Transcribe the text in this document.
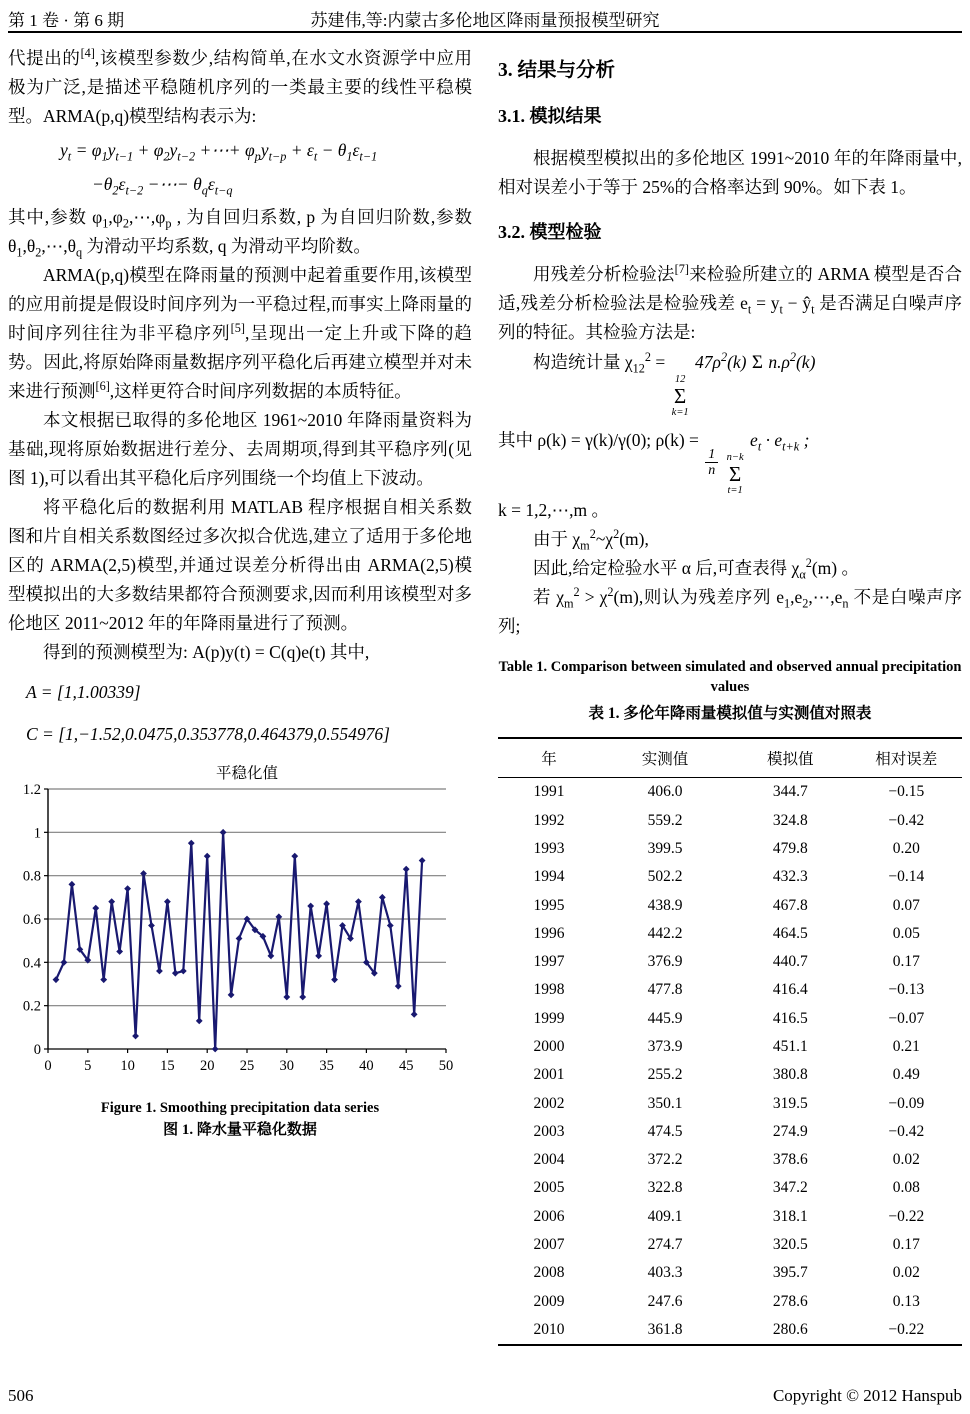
第 1 卷 · 第 6 期	苏建伟,等:内蒙古多伦地区降雨量预报模型研究

代提出的[4],该模型参数少,结构简单,在水文水资源学中应用极为广泛,是描述平稳随机序列的一类最主要的线性平稳模型。ARMA(p,q)模型结构表示为:

$y_t = \varphi_1y_{t-1} + \varphi_2y_{t-2}$ +⋯+ $\varphi_py_{t-p} + \varepsilon_t - \theta_1\varepsilon_{t-1}$
$-\theta_2\varepsilon_{t-2}$ −⋯− $\theta_q\varepsilon_{t-q}$

其中,参数 $\varphi_1,\varphi_2,\cdots,\varphi_p$ , 为自回归系数, p 为自回归阶数,参数 $\theta_1,\theta_2,\cdots,\theta_q$ 为滑动平均系数, q 为滑动平均阶数。

ARMA(p,q)模型在降雨量的预测中起着重要作用,该模型的应用前提是假设时间序列为一平稳过程,而事实上降雨量的时间序列往往为非平稳序列[5],呈现出一定上升或下降的趋势。因此,将原始降雨量数据序列平稳化后再建立模型并对未来进行预测[6],这样更符合时间序列数据的本质特征。

本文根据已取得的多伦地区 1961~2010 年降雨量资料为基础,现将原始数据进行差分、去周期项,得到其平稳序列(见图 1),可以看出其平稳化后序列围绕一个均值上下波动。

将平稳化后的数据利用 MATLAB 程序根据自相关系数图和片自相关系数图经过多次拟合优选,建立了适用于多伦地区的 ARMA(2,5)模型,并通过误差分析得出由 ARMA(2,5)模型模拟出的大多数结果都符合预测要求,因而利用该模型对多伦地区 2011~2012 年的年降雨量进行了预测。

得到的预测模型为: A(p)y(t) = C(q)e(t) 其中,

A = [1,1.00339]
C = [1,−1.52,0.0475,0.353778,0.464379,0.554976]
0
0.2
0.4
0.6
0.8
1
1.2
0 5 10 15 20 25 30 35 40 45 50
平稳化值

Figure 1. Smoothing precipitation data series

图 1. 降水量平稳化数据

3. 结果与分析
3.1. 模拟结果

根据模型模拟出的多伦地区 1991~2010 年的年降雨量中,相对误差小于等于 25%的合格率达到 90%。如下表 1。

3.2. 模型检验

用残差分析检验法[7]来检验所建立的 ARMA 模型是否合适,残差分析检验法是检验残差 $e_t = y_t$ − $ŷ_t$ 是否满足白噪声序列的特征。其检验方法是:

构造统计量 $\chi_{12}^2$ =
12
Σ
k=1
$47\rho^2(k)$ Σ $n.\rho^2(k)$

其中 ρ(k) = γ(k)/γ(0); ρ(k) =
$\frac{1}{n}$
n−k
Σ
t=1
$e_t \cdot e_{t+k}$ ;

k = 1,2,⋯,m 。

由于 $\chi_m^2\sim\chi^2(m)$,

因此,给定检验水平 α 后,可查表得 $\chi_\alpha^2(m)$ 。

若 $\chi_m^2 > \chi^2(m)$,则认为残差序列 $e_1,e_2,\cdots,e_n$ 不是白噪声序列;

Table 1. Comparison between simulated and observed annual precipitation values

表 1. 多伦年降雨量模拟值与实测值对照表

年	实测值	模拟值	相对误差
1991	406.0	344.7	−0.15
1992	559.2	324.8	−0.42
1993	399.5	479.8	0.20
1994	502.2	432.3	−0.14
1995	438.9	467.8	0.07
1996	442.2	464.5	0.05
1997	376.9	440.7	0.17
1998	477.8	416.4	−0.13
1999	445.9	416.5	−0.07
2000	373.9	451.1	0.21
2001	255.2	380.8	0.49
2002	350.1	319.5	−0.09
2003	474.5	274.9	−0.42
2004	372.2	378.6	0.02
2005	322.8	347.2	0.08
2006	409.1	318.1	−0.22
2007	274.7	320.5	0.17
2008	403.3	395.7	0.02
2009	247.6	278.6	0.13
2010	361.8	280.6	−0.22
506	Copyright © 2012 Hanspub
